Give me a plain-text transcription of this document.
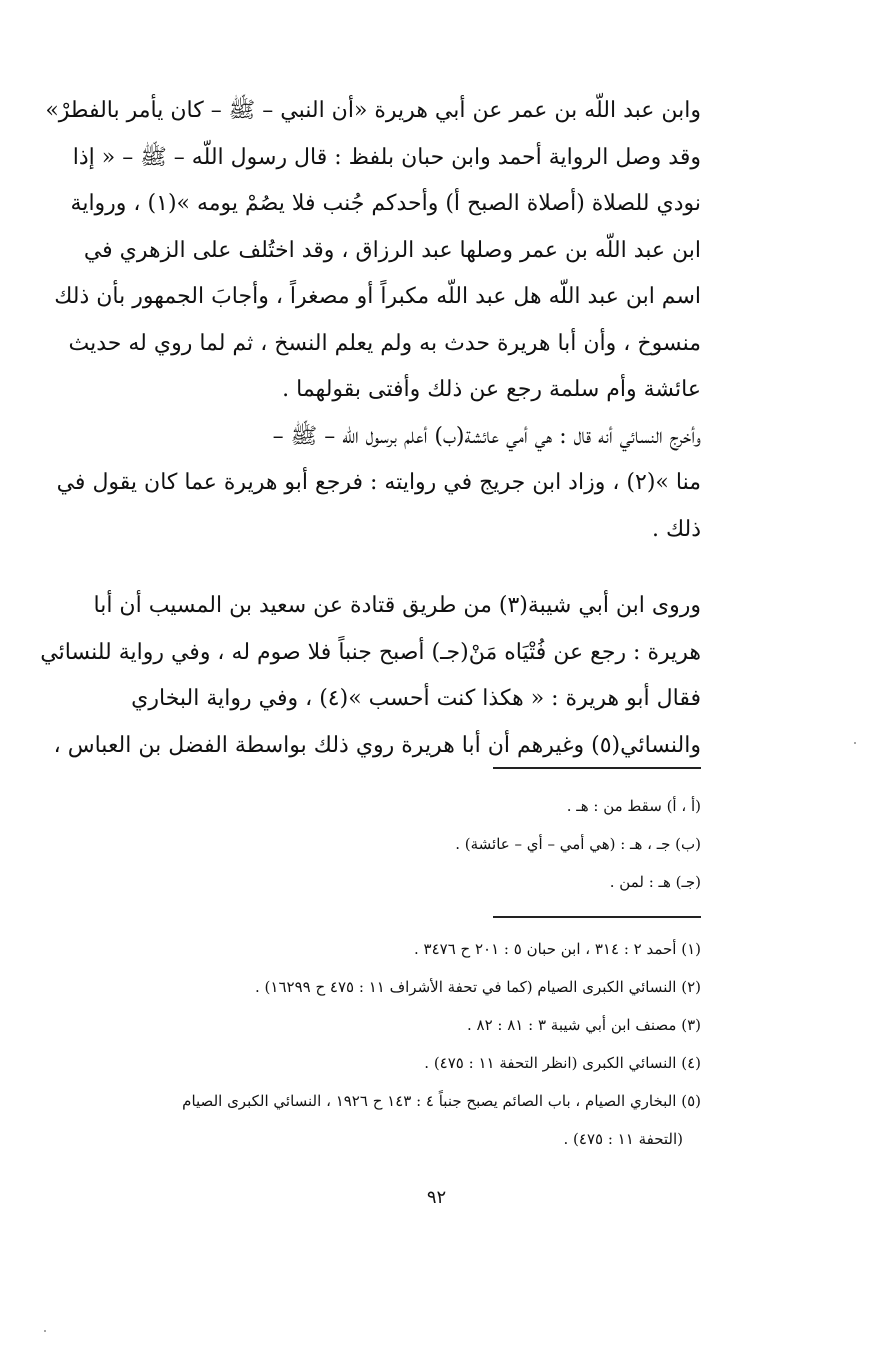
وابن عبد اللّه بن عمر عن أبي هريرة «أن النبي – ﷺ – كان يأمر بالفطرْ»
وقد وصل الرواية أحمد وابن حبان بلفظ : قال رسول اللّه – ﷺ – « إذا
نودي للصلاة (أصلاة الصبح أ) وأحدكم جُنب فلا يصُمْ يومه »(١) ، ورواية
ابن عبد اللّه بن عمر وصلها عبد الرزاق ، وقد اختُلف على الزهري في
اسم ابن عبد اللّه هل عبد اللّه مكبراً أو مصغراً ، وأجابَ الجمهور بأن ذلك
منسوخ ، وأن أبا هريرة حدث به ولم يعلم النسخ ، ثم لما روي له حديث
عائشة وأم سلمة رجع عن ذلك وأفتى بقولهما .
وأخرج النسائي أنه قال : هي أمي عائشة(ب) أعلم برسول اللّه – ﷺ –
منا »(٢) ، وزاد ابن جريج في روايته : فرجع أبو هريرة عما كان يقول في
ذلك .
وروى ابن أبي شيبة(٣) من طريق قتادة عن سعيد بن المسيب أن أبا
هريرة : رجع عن فُتْيَاه مَنْ(جـ) أصبح جنباً فلا صوم له ، وفي رواية للنسائي
فقال أبو هريرة : « هكذا كنت أحسب »(٤) ، وفي رواية البخاري
والنسائي(٥) وغيرهم أن أبا هريرة روي ذلك بواسطة الفضل بن العباس ،
(أ ، أ) سقط من : هـ .
(ب) جـ ، هـ : (هي أمي – أي – عائشة) .
(جـ) هـ : لمن .
(١) أحمد ٢ : ٣١٤ ، ابن حبان ٥ : ٢٠١ ح ٣٤٧٦ .
(٢) النسائي الكبرى الصيام (كما في تحفة الأشراف ١١ : ٤٧٥ ح ١٦٢٩٩) .
(٣) مصنف ابن أبي شيبة ٣ : ٨١ : ٨٢ .
(٤) النسائي الكبرى (انظر التحفة ١١ : ٤٧٥) .
(٥) البخاري الصيام ، باب الصائم يصبح جنباً ٤ : ١٤٣ ح ١٩٢٦ ، النسائي الكبرى الصيام
(التحفة ١١ : ٤٧٥) .
٩٢
